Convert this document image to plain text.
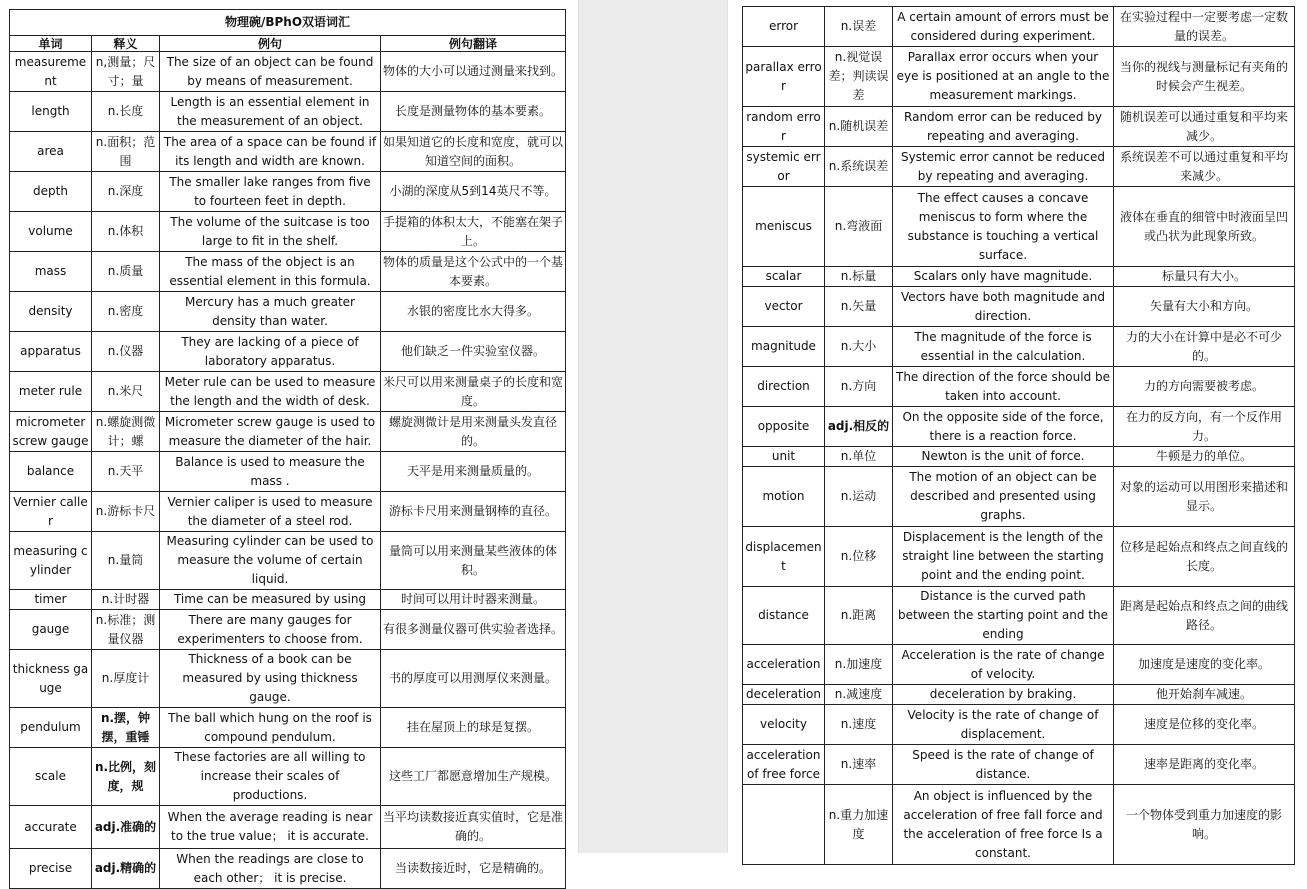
物理碗/BPhO双语词汇			
单词	释义	例句	例句翻译
measurement	n,测量；尺寸；量	The size of an object can be found by means of measurement.	物体的大小可以通过测量来找到。
length	n.长度	Length is an essential element in the measurement of an object.	长度是测量物体的基本要素。
area	n.面积；范围	The area of a space can be found if its length and width are known.	如果知道它的长度和宽度，就可以知道空间的面积。
depth	n.深度	The smaller lake ranges from five to fourteen feet in depth.	小湖的深度从5到14英尺不等。
volume	n.体积	The volume of the suitcase is too large to fit in the shelf.	手提箱的体积太大，不能塞在架子上。
mass	n.质量	The mass of the object is an essential element in this formula.	物体的质量是这个公式中的一个基本要素。
density	n.密度	Mercury has a much greater density than water.	水银的密度比水大得多。
apparatus	n.仪器	They are lacking of a piece of laboratory apparatus.	他们缺乏一件实验室仪器。
meter rule	n.米尺	Meter rule can be used to measure the length and the width of desk.	米尺可以用来测量桌子的长度和宽度。
micrometer screw gauge	n.螺旋测微计；螺	Micrometer screw gauge is used to measure the diameter of the hair.	螺旋测微计是用来测量头发直径的。
balance	n.天平	Balance is used to measure the mass .	天平是用来测量质量的。
Vernier caller	n.游标卡尺	Vernier caliper is used to measure the diameter of a steel rod.	游标卡尺用来测量钢棒的直径。
measuring cylinder	n.量筒	Measuring cylinder can be used to measure the volume of certain liquid.	量筒可以用来测量某些液体的体积。
timer	n.计时器	Time can be measured by using	时间可以用计时器来测量。
gauge	n.标准；测量仪器	There are many gauges for experimenters to choose from.	有很多测量仪器可供实验者选择。
thickness gauge	n.厚度计	Thickness of a book can be measured by using thickness gauge.	书的厚度可以用测厚仪来测量。
pendulum	n.摆，钟摆，重锤	The ball which hung on the roof is compound pendulum.	挂在屋顶上的球是复摆。
scale	n.比例，刻度，规	These factories are all willing to increase their scales of productions.	这些工厂都愿意增加生产规模。
accurate	adj.准确的	When the average reading is near to the true value； it is accurate.	当平均读数接近真实值时，它是准确的。
precise	adj.精确的	When the readings are close to each other； it is precise.	当读数接近时，它是精确的。
error	n.误差	A certain amount of errors must be considered during experiment.	在实验过程中一定要考虑一定数量的误差。
parallax error	n.视觉误差；判读误差	Parallax error occurs when your eye is positioned at an angle to the measurement markings.	当你的视线与测量标记有夹角的时候会产生视差。
random error	n.随机误差	Random error can be reduced by repeating and averaging.	随机误差可以通过重复和平均来减少。
systemic error	n.系统误差	Systemic error cannot be reduced by repeating and averaging.	系统误差不可以通过重复和平均来减少。
meniscus	n.弯液面	The effect causes a concave meniscus to form where the substance is touching a vertical surface.	液体在垂直的细管中时液面呈凹或凸状为此现象所致。
scalar	n.标量	Scalars only have magnitude.	标量只有大小。
vector	n.矢量	Vectors have both magnitude and direction.	矢量有大小和方向。
magnitude	n.大小	The magnitude of the force is essential in the calculation.	力的大小在计算中是必不可少的。
direction	n.方向	The direction of the force should be taken into account.	力的方向需要被考虑。
opposite	adj.相反的	On the opposite side of the force, there is a reaction force.	在力的反方向，有一个反作用力。
unit	n.单位	Newton is the unit of force.	牛顿是力的单位。
motion	n.运动	The motion of an object can be described and presented using graphs.	对象的运动可以用图形来描述和显示。
displacement	n.位移	Displacement is the length of the straight line between the starting point and the ending point.	位移是起始点和终点之间直线的长度。
distance	n.距离	Distance is the curved path between the starting point and the ending	距离是起始点和终点之间的曲线路径。
acceleration	n.加速度	Acceleration is the rate of change of velocity.	加速度是速度的变化率。
deceleration	n.减速度	deceleration by braking.	他开始刹车减速。
velocity	n.速度	Velocity is the rate of change of displacement.	速度是位移的变化率。
acceleration of free force	n.速率	Speed is the rate of change of distance.	速率是距离的变化率。
	n.重力加速度	An object is influenced by the acceleration of free fall force and the acceleration of free force Is a constant.	一个物体受到重力加速度的影响。
